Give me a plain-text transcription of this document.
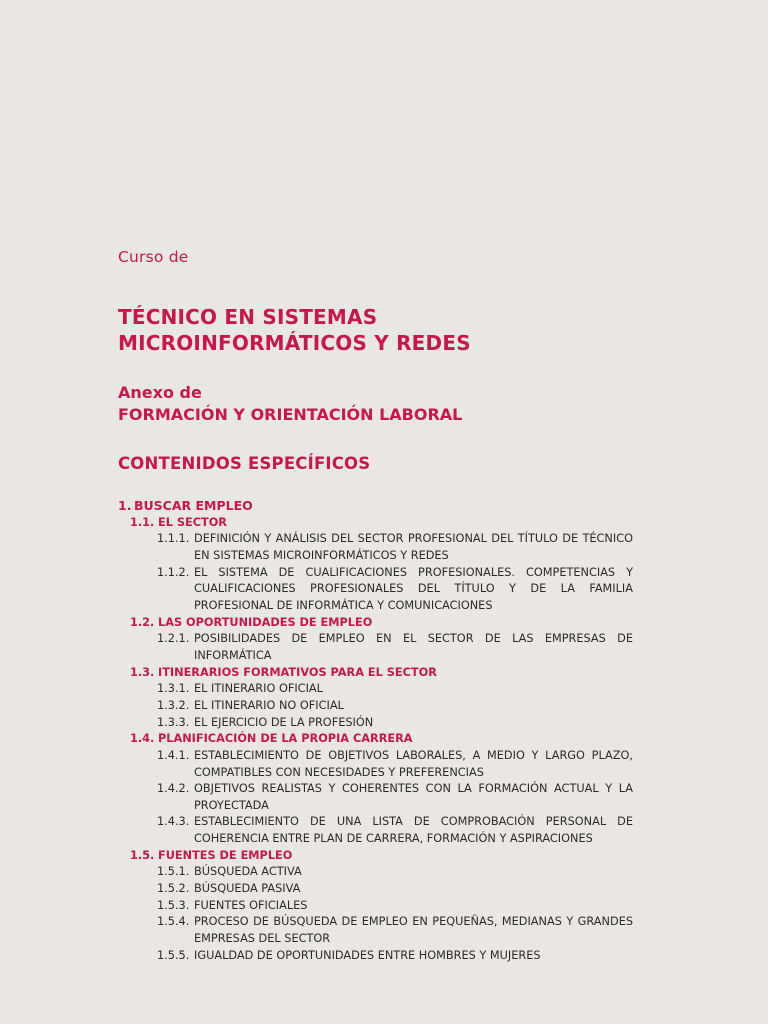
Curso de
TÉCNICO EN SISTEMAS
MICROINFORMÁTICOS Y REDES
Anexo de
FORMACIÓN Y ORIENTACIÓN LABORAL
CONTENIDOS ESPECÍFICOS
1. BUSCAR EMPLEO
1.1. EL SECTOR
1.1.1. DEFINICIÓN Y ANÁLISIS DEL SECTOR PROFESIONAL DEL TÍTULO DE TÉCNICO EN SISTEMAS MICROINFORMÁTICOS Y REDES
1.1.2. EL SISTEMA DE CUALIFICACIONES PROFESIONALES. COMPETENCIAS Y CUALIFICACIONES PROFESIONALES DEL TÍTULO Y DE LA FAMILIA PROFESIONAL DE INFORMÁTICA Y COMUNICACIONES
1.2. LAS OPORTUNIDADES DE EMPLEO
1.2.1. POSIBILIDADES DE EMPLEO EN EL SECTOR DE LAS EMPRESAS DE INFORMÁTICA
1.3. ITINERARIOS FORMATIVOS PARA EL SECTOR
1.3.1. EL ITINERARIO OFICIAL
1.3.2. EL ITINERARIO NO OFICIAL
1.3.3. EL EJERCICIO DE LA PROFESIÓN
1.4. PLANIFICACIÓN DE LA PROPIA CARRERA
1.4.1. ESTABLECIMIENTO DE OBJETIVOS LABORALES, A MEDIO Y LARGO PLAZO, COMPATIBLES CON NECESIDADES Y PREFERENCIAS
1.4.2. OBJETIVOS REALISTAS Y COHERENTES CON LA FORMACIÓN ACTUAL Y LA PROYECTADA
1.4.3. ESTABLECIMIENTO DE UNA LISTA DE COMPROBACIÓN PERSONAL DE COHERENCIA ENTRE PLAN DE CARRERA, FORMACIÓN Y ASPIRACIONES
1.5. FUENTES DE EMPLEO
1.5.1. BÚSQUEDA ACTIVA
1.5.2. BÚSQUEDA PASIVA
1.5.3. FUENTES OFICIALES
1.5.4. PROCESO DE BÚSQUEDA DE EMPLEO EN PEQUEÑAS, MEDIANAS Y GRANDES EMPRESAS DEL SECTOR
1.5.5. IGUALDAD DE OPORTUNIDADES ENTRE HOMBRES Y MUJERES
